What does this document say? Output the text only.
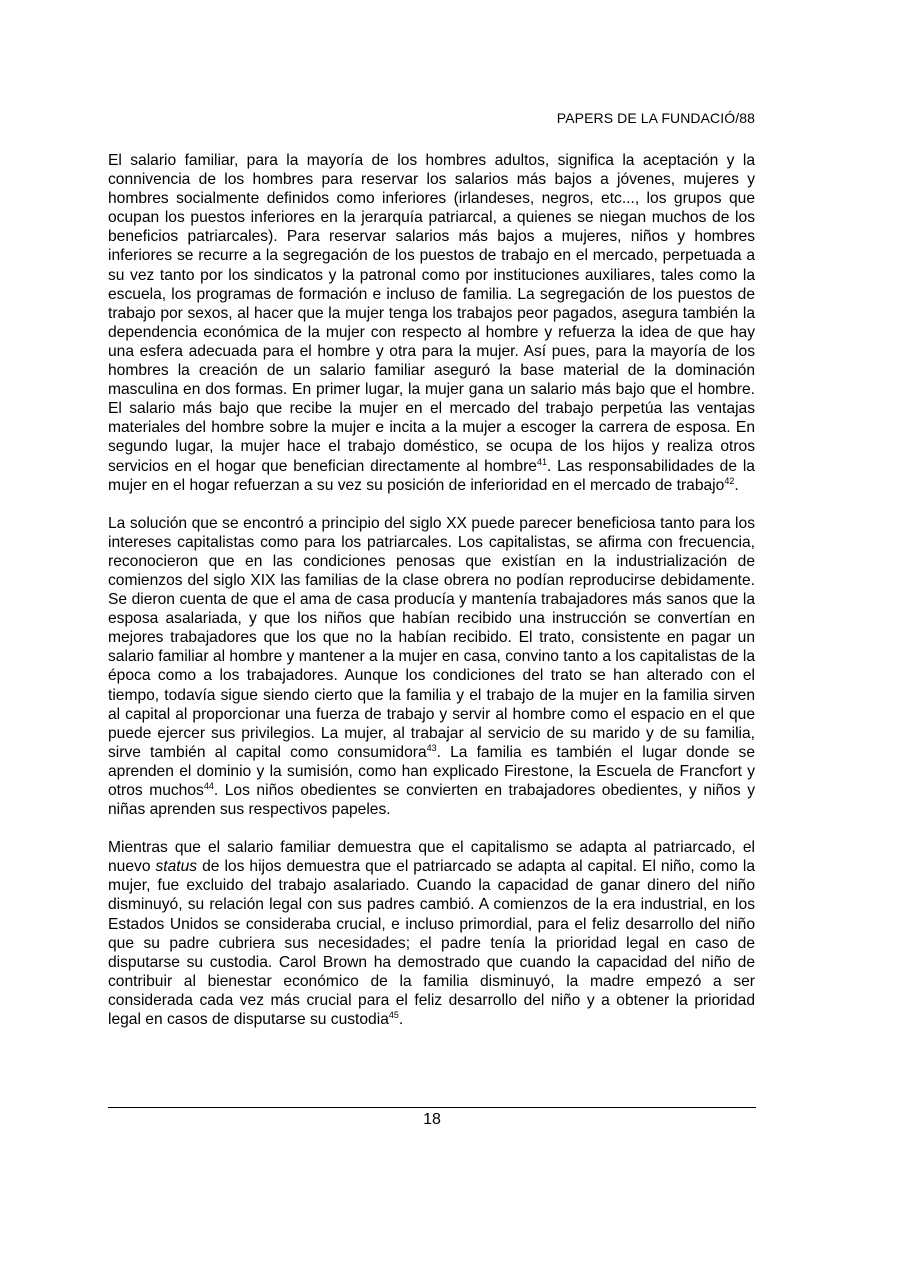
PAPERS DE LA FUNDACIÓ/88

El salario familiar, para la mayoría de los hombres adultos, significa la aceptación y la connivencia de los hombres para reservar los salarios más bajos a jóvenes, mujeres y hombres socialmente definidos como inferiores (irlandeses, negros, etc..., los grupos que ocupan los puestos inferiores en la jerarquía patriarcal, a quienes se niegan muchos de los beneficios patriarcales). Para reservar salarios más bajos a mujeres, niños y hombres inferiores se recurre a la segregación de los puestos de trabajo en el mercado, perpetuada a su vez tanto por los sindicatos y la patronal como por instituciones auxiliares, tales como la escuela, los programas de formación e incluso de familia. La segregación de los puestos de trabajo por sexos, al hacer que la mujer tenga los trabajos peor pagados, asegura también la dependencia económica de la mujer con respecto al hombre y refuerza la idea de que hay una esfera adecuada para el hombre y otra para la mujer. Así pues, para la mayoría de los hombres la creación de un salario familiar aseguró la base material de la dominación masculina en dos formas. En primer lugar, la mujer gana un salario más bajo que el hombre. El salario más bajo que recibe la mujer en el mercado del trabajo perpetúa las ventajas materiales del hombre sobre la mujer e incita a la mujer a escoger la carrera de esposa. En segundo lugar, la mujer hace el trabajo doméstico, se ocupa de los hijos y realiza otros servicios en el hogar que benefician directamente al hombre$^{41}$. Las responsabilidades de la mujer en el hogar refuerzan a su vez su posición de inferioridad en el mercado de trabajo$^{42}$.

La solución que se encontró a principio del siglo XX puede parecer beneficiosa tanto para los intereses capitalistas como para los patriarcales. Los capitalistas, se afirma con frecuencia, reconocieron que en las condiciones penosas que existían en la industrialización de comienzos del siglo XIX las familias de la clase obrera no podían reproducirse debidamente. Se dieron cuenta de que el ama de casa producía y mantenía trabajadores más sanos que la esposa asalariada, y que los niños que habían recibido una instrucción se convertían en mejores trabajadores que los que no la habían recibido. El trato, consistente en pagar un salario familiar al hombre y mantener a la mujer en casa, convino tanto a los capitalistas de la época como a los trabajadores. Aunque los condiciones del trato se han alterado con el tiempo, todavía sigue siendo cierto que la familia y el trabajo de la mujer en la familia sirven al capital al proporcionar una fuerza de trabajo y servir al hombre como el espacio en el que puede ejercer sus privilegios. La mujer, al trabajar al servicio de su marido y de su familia, sirve también al capital como consumidora$^{43}$. La familia es también el lugar donde se aprenden el dominio y la sumisión, como han explicado Firestone, la Escuela de Francfort y otros muchos$^{44}$. Los niños obedientes se convierten en trabajadores obedientes, y niños y niñas aprenden sus respectivos papeles.

Mientras que el salario familiar demuestra que el capitalismo se adapta al patriarcado, el nuevo status de los hijos demuestra que el patriarcado se adapta al capital. El niño, como la mujer, fue excluido del trabajo asalariado. Cuando la capacidad de ganar dinero del niño disminuyó, su relación legal con sus padres cambió. A comienzos de la era industrial, en los Estados Unidos se consideraba crucial, e incluso primordial, para el feliz desarrollo del niño que su padre cubriera sus necesidades; el padre tenía la prioridad legal en caso de disputarse su custodia. Carol Brown ha demostrado que cuando la capacidad del niño de contribuir al bienestar económico de la familia disminuyó, la madre empezó a ser considerada cada vez más crucial para el feliz desarrollo del niño y a obtener la prioridad legal en casos de disputarse su custodia$^{45}$.

18
